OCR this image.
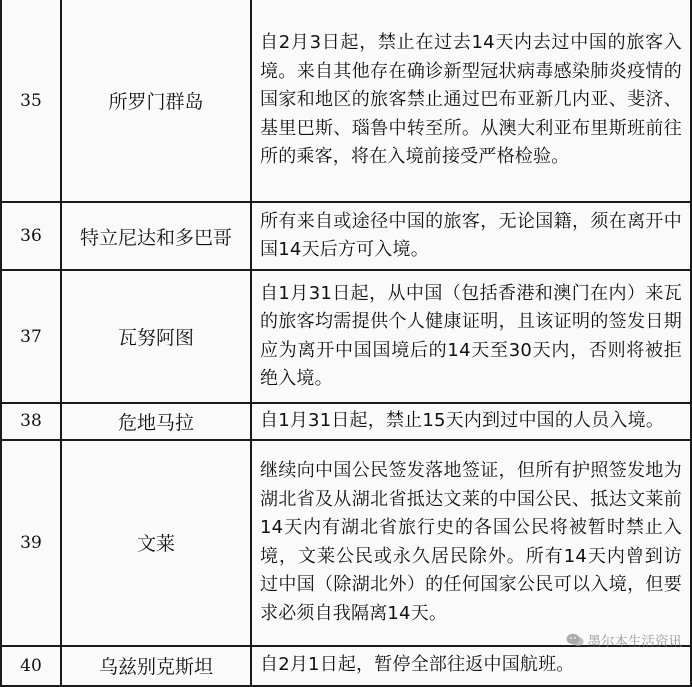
35	所罗门群岛	自2月3日起，禁止在过去14天内去过中国的旅客入境。来自其他存在确诊新型冠状病毒感染肺炎疫情的国家和地区的旅客禁止通过巴布亚新几内亚、斐济、基里巴斯、瑙鲁中转至所。从澳大利亚布里斯班前往所的乘客，将在入境前接受严格检验。
36	特立尼达和多巴哥	所有来自或途径中国的旅客，无论国籍，须在离开中国14天后方可入境。
37	瓦努阿图	自1月31日起，从中国（包括香港和澳门在内）来瓦的旅客均需提供个人健康证明，且该证明的签发日期应为离开中国国境后的14天至30天内，否则将被拒绝入境。
38	危地马拉	自1月31日起，禁止15天内到过中国的人员入境。
39	文莱	继续向中国公民签发落地签证，但所有护照签发地为湖北省及从湖北省抵达文莱的中国公民、抵达文莱前14天内有湖北省旅行史的各国公民将被暂时禁止入境，文莱公民或永久居民除外。所有14天内曾到访过中国（除湖北外）的任何国家公民可以入境，但要求必须自我隔离14天。
40	乌兹别克斯坦	自2月1日起，暂停全部往返中国航班。
墨尔本生活资讯
